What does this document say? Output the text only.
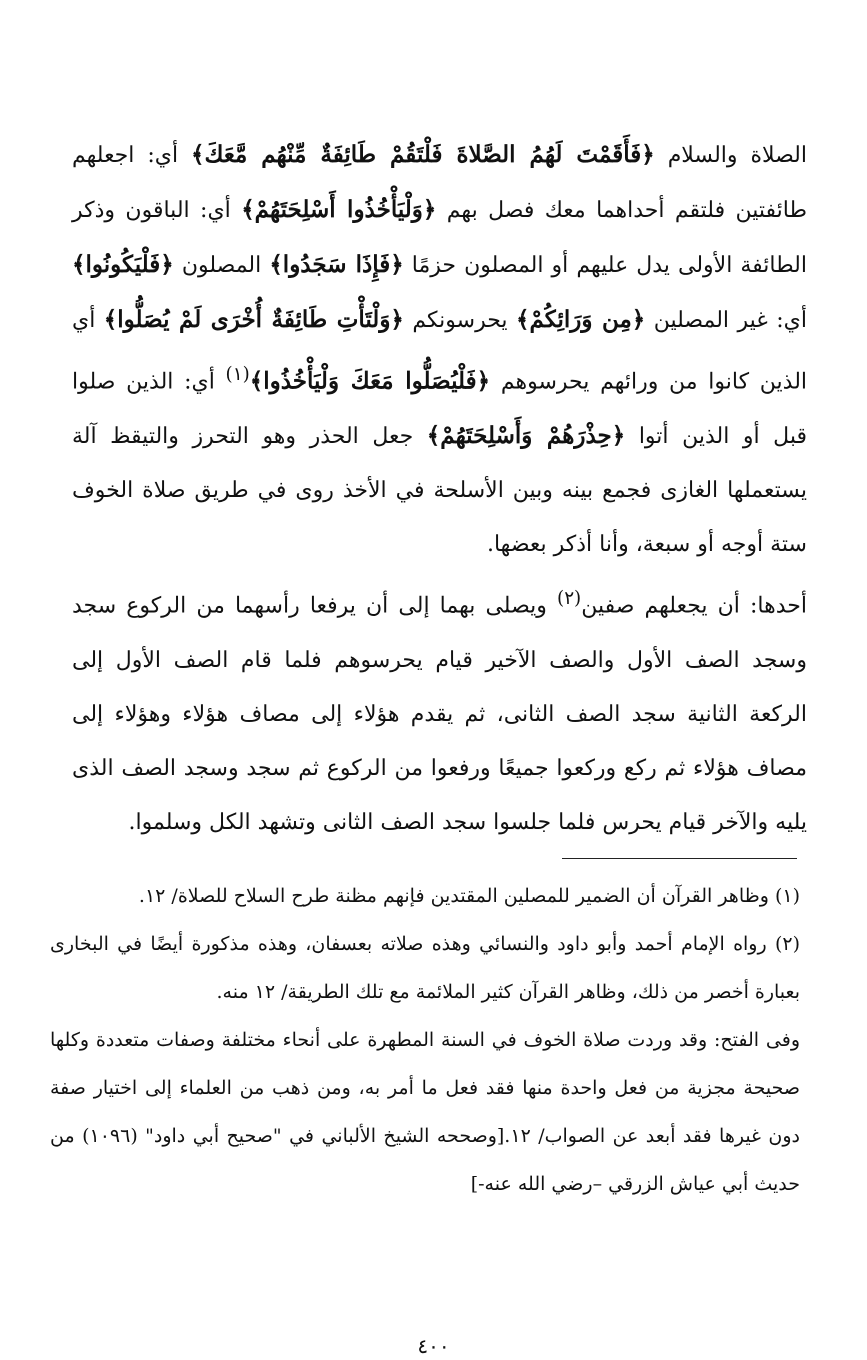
الصلاة والسلام ﴿فَأَقَمْتَ لَهُمُ الصَّلاةَ فَلْتَقُمْ طَائِفَةٌ مِّنْهُم مَّعَكَ﴾ أي: اجعلهم طائفتين فلتقم أحداهما معك فصل بهم ﴿وَلْيَأْخُذُوا أَسْلِحَتَهُمْ﴾ أي: الباقون وذكر الطائفة الأولى يدل عليهم أو المصلون حزمًا ﴿فَإِذَا سَجَدُوا﴾ المصلون ﴿فَلْيَكُونُوا﴾ أي: غير المصلين ﴿مِن وَرَائِكُمْ﴾ يحرسونكم ﴿وَلْتَأْتِ طَائِفَةٌ أُخْرَى لَمْ يُصَلُّوا﴾ أي الذين كانوا من ورائهم يحرسوهم ﴿فَلْيُصَلُّوا مَعَكَ وَلْيَأْخُذُوا﴾$^{(١)}$ أي: الذين صلوا قبل أو الذين أتوا ﴿حِذْرَهُمْ وَأَسْلِحَتَهُمْ﴾ جعل الحذر وهو التحرز والتيقظ آلة يستعملها الغازى فجمع بينه وبين الأسلحة في الأخذ روى في طريق صلاة الخوف ستة أوجه أو سبعة، وأنا أذكر بعضها.

أحدها: أن يجعلهم صفين$^{(٢)}$ ويصلى بهما إلى أن يرفعا رأسهما من الركوع سجد وسجد الصف الأول والصف الآخير قيام يحرسوهم فلما قام الصف الأول إلى الركعة الثانية سجد الصف الثانى، ثم يقدم هؤلاء إلى مصاف هؤلاء وهؤلاء إلى مصاف هؤلاء ثم ركع وركعوا جميعًا ورفعوا من الركوع ثم سجد وسجد الصف الذى يليه والآخر قيام يحرس فلما جلسوا سجد الصف الثانى وتشهد الكل وسلموا.

(١) وظاهر القرآن أن الضمير للمصلين المقتدين فإنهم مظنة طرح السلاح للصلاة/ ١٢.

(٢) رواه الإمام أحمد وأبو داود والنسائي وهذه صلاته بعسفان، وهذه مذكورة أيضًا في البخارى بعبارة أخصر من ذلك، وظاهر القرآن كثير الملائمة مع تلك الطريقة/ ١٢ منه.

وفى الفتح: وقد وردت صلاة الخوف في السنة المطهرة على أنحاء مختلفة وصفات متعددة وكلها صحيحة مجزية من فعل واحدة منها فقد فعل ما أمر به، ومن ذهب من العلماء إلى اختيار صفة دون غيرها فقد أبعد عن الصواب/ ١٢.[وصححه الشيخ الألباني في "صحيح أبي داود" (١٠٩٦) من حديث أبي عياش الزرقي –رضي الله عنه-]

٤٠٠
